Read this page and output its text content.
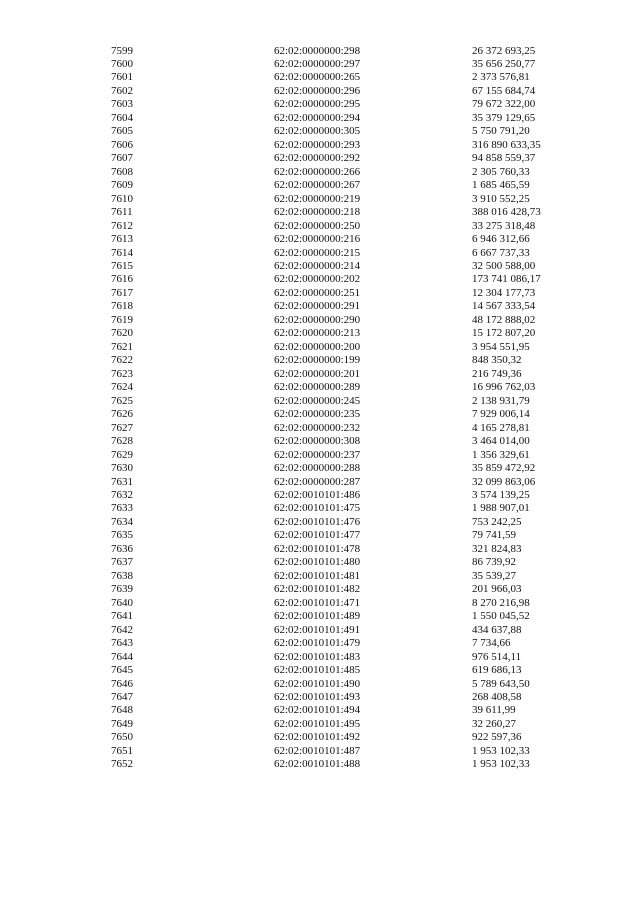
7599	62:02:0000000:298	26 372 693,25
7600	62:02:0000000:297	35 656 250,77
7601	62:02:0000000:265	2 373 576,81
7602	62:02:0000000:296	67 155 684,74
7603	62:02:0000000:295	79 672 322,00
7604	62:02:0000000:294	35 379 129,65
7605	62:02:0000000:305	5 750 791,20
7606	62:02:0000000:293	316 890 633,35
7607	62:02:0000000:292	94 858 559,37
7608	62:02:0000000:266	2 305 760,33
7609	62:02:0000000:267	1 685 465,59
7610	62:02:0000000:219	3 910 552,25
7611	62:02:0000000:218	388 016 428,73
7612	62:02:0000000:250	33 275 318,48
7613	62:02:0000000:216	6 946 312,66
7614	62:02:0000000:215	6 667 737,33
7615	62:02:0000000:214	32 500 588,00
7616	62:02:0000000:202	173 741 086,17
7617	62:02:0000000:251	12 304 177,73
7618	62:02:0000000:291	14 567 333,54
7619	62:02:0000000:290	48 172 888,02
7620	62:02:0000000:213	15 172 807,20
7621	62:02:0000000:200	3 954 551,95
7622	62:02:0000000:199	848 350,32
7623	62:02:0000000:201	216 749,36
7624	62:02:0000000:289	16 996 762,03
7625	62:02:0000000:245	2 138 931,79
7626	62:02:0000000:235	7 929 006,14
7627	62:02:0000000:232	4 165 278,81
7628	62:02:0000000:308	3 464 014,00
7629	62:02:0000000:237	1 356 329,61
7630	62:02:0000000:288	35 859 472,92
7631	62:02:0000000:287	32 099 863,06
7632	62:02:0010101:486	3 574 139,25
7633	62:02:0010101:475	1 988 907,01
7634	62:02:0010101:476	753 242,25
7635	62:02:0010101:477	79 741,59
7636	62:02:0010101:478	321 824,83
7637	62:02:0010101:480	86 739,92
7638	62:02:0010101:481	35 539,27
7639	62:02:0010101:482	201 966,03
7640	62:02:0010101:471	8 270 216,98
7641	62:02:0010101:489	1 550 045,52
7642	62:02:0010101:491	434 637,88
7643	62:02:0010101:479	7 734,66
7644	62:02:0010101:483	976 514,11
7645	62:02:0010101:485	619 686,13
7646	62:02:0010101:490	5 789 643,50
7647	62:02:0010101:493	268 408,58
7648	62:02:0010101:494	39 611,99
7649	62:02:0010101:495	32 260,27
7650	62:02:0010101:492	922 597,36
7651	62:02:0010101:487	1 953 102,33
7652	62:02:0010101:488	1 953 102,33
